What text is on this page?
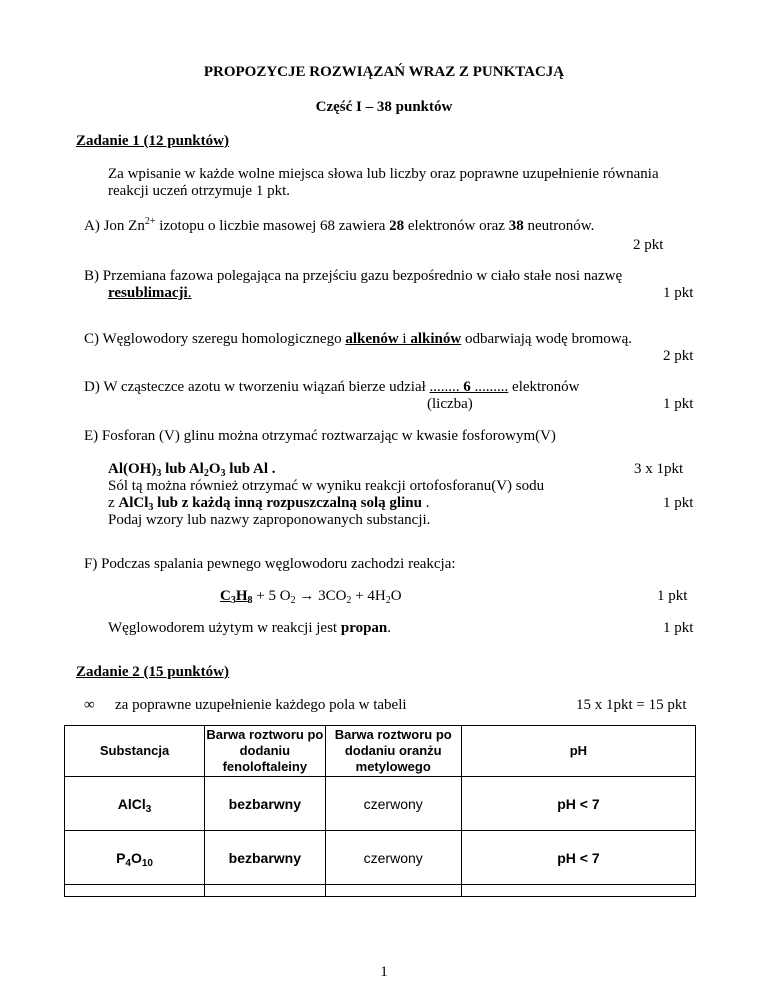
PROPOZYCJE ROZWIĄZAŃ WRAZ Z PUNKTACJĄ
Część I – 38 punktów
Zadanie 1 (12 punktów)
Za wpisanie w każde wolne miejsca słowa lub liczby oraz poprawne uzupełnienie równania
reakcji uczeń otrzymuje 1 pkt.
A) Jon $Zn^{2+}$ izotopu o liczbie masowej 68 zawiera 28 elektronów oraz 38 neutronów.
2 pkt
B) Przemiana fazowa polegająca na przejściu gazu bezpośrednio w ciało stałe nosi nazwę
resublimacji.	1 pkt
C) Węglowodory szeregu homologicznego alkenów i alkinów odbarwiają wodę bromową.
2 pkt
D) W cząsteczce azotu w tworzeniu wiązań bierze udział ........ 6 ......... elektronów
(liczba)	1 pkt
E) Fosforan (V) glinu można otrzymać roztwarzając w kwasie fosforowym(V)
$Al(OH)_3$ lub $Al_2O_3$ lub Al .	3 x 1pkt
Sól tą można również otrzymać w wyniku reakcji ortofosforanu(V) sodu
z AlCl$_3$ lub z każdą inną rozpuszczalną solą glinu .	1 pkt
Podaj wzory lub nazwy zaproponowanych substancji.
F) Podczas spalania pewnego węglowodoru zachodzi reakcja:
$C_3H_8 + 5$ $O_2 \to 3CO_2 + 4H_2O$	1 pkt
Węglowodorem użytym w reakcji jest propan.	1 pkt
Zadanie 2 (15 punktów)
∞ za poprawne uzupełnienie każdego pola w tabeli	15 x 1pkt = 15 pkt
Substancja	Barwa roztworu po dodaniu fenoloftaleiny	Barwa roztworu po dodaniu oranżu metylowego	pH
AlCl$_3$	bezbarwny	czerwony	pH < 7
$P_4O_{10}$	bezbarwny	czerwony	pH < 7

1
